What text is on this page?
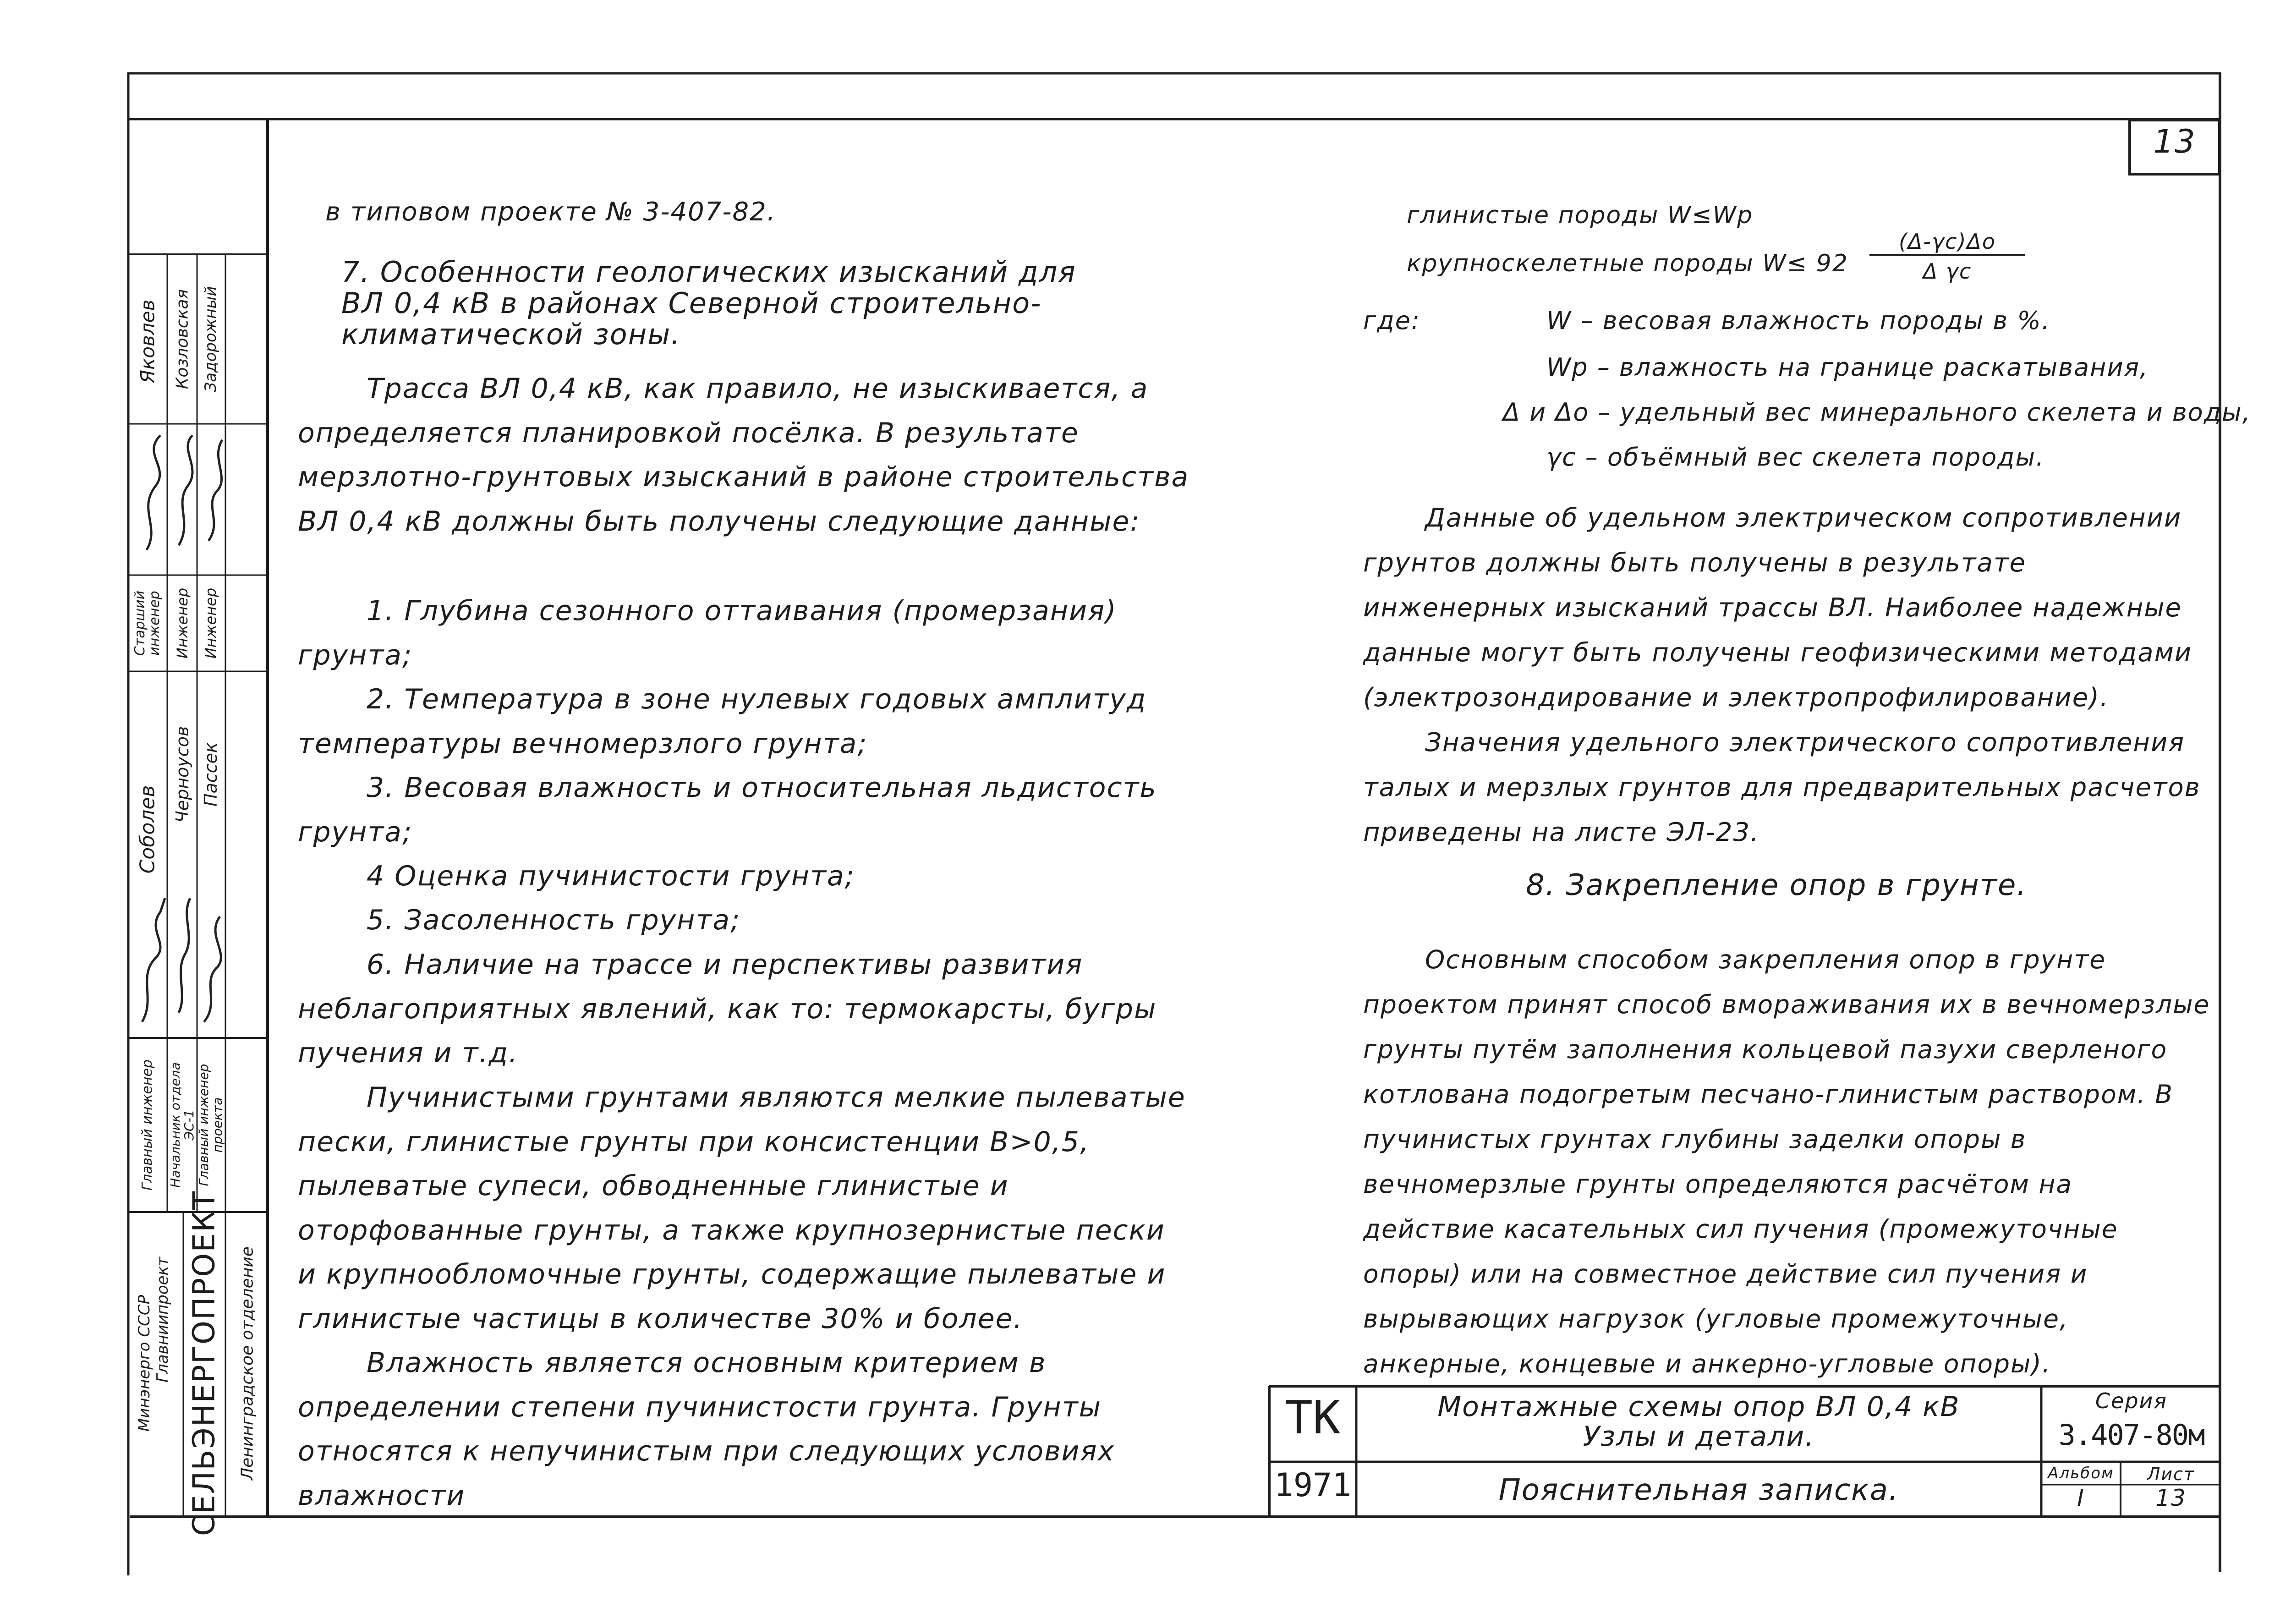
Минэнерго СССР Главниипроект СЕЛЬЭНЕРГОПРОЕКТ Ленинградское отделение
Главный инженер Начальник отдела ЭС-1 Главный инженер проекта
Старший инженер Инженер Инженер
Соболев
Черноусов Пассек
Яковлев Козловская Задорожный
13
в типовом проекте № 3-407-82.
7. Особенности геологических изысканий для ВЛ 0,4 кВ в районах Северной строительно-климатической зоны.
Трасса ВЛ 0,4 кВ, как правило, не изыскивается, а определяется планировкой посёлка. В результате мерзлотно-грунтовых изысканий в районе строительства ВЛ 0,4 кВ должны быть получены следующие данные:
1. Глубина сезонного оттаивания (промерзания) грунта;
2. Температура в зоне нулевых годовых амплитуд температуры вечномерзлого грунта;
3. Весовая влажность и относительная льдистость грунта;
4 Оценка пучинистости грунта;
5. Засоленность грунта;
6. Наличие на трассе и перспективы развития неблагоприятных явлений, как то: термокарсты, бугры пучения и т.д.
Пучинистыми грунтами являются мелкие пылеватые пески, глинистые грунты при консистенции В>0,5, пылеватые супеси, обводненные глинистые и оторфованные грунты, а также крупнозернистые пески и крупнообломочные грунты, содержащие пылеватые и глинистые частицы в количестве 30% и более.
Влажность является основным критерием в определении степени пучинистости грунта. Грунты относятся к непучинистым при следующих условиях влажности
глинистые породы W≤Wp
крупноскелетные породы W≤ 92
(Δ-γc)Δо
Δ γc
где:	W – весовая влажность породы в %.
Wp – влажность на границе раскатывания,
Δ и Δо – удельный вес минерального скелета и воды,
γc – объёмный вес скелета породы.
Данные об удельном электрическом сопротивлении грунтов должны быть получены в результате инженерных изысканий трассы ВЛ. Наиболее надежные данные могут быть получены геофизическими методами (электрозондирование и электропрофилирование).
Значения удельного электрического сопротивления талых и мерзлых грунтов для предварительных расчетов приведены на листе ЭЛ-23.
8. Закрепление опор в грунте.
Основным способом закрепления опор в грунте проектом принят способ вмораживания их в вечномерзлые грунты путём заполнения кольцевой пазухи сверленого котлована подогретым песчано-глинистым раствором. В пучинистых грунтах глубины заделки опоры в вечномерзлые грунты определяются расчётом на действие касательных сил пучения (промежуточные опоры) или на совместное действие сил пучения и вырывающих нагрузок (угловые промежуточные, анкерные, концевые и анкерно-угловые опоры).
ТК
1971
Монтажные схемы опор ВЛ 0,4 кВ
Узлы и детали.
Пояснительная записка.
Серия
3.407-80м
Альбом
I
Лист
13
